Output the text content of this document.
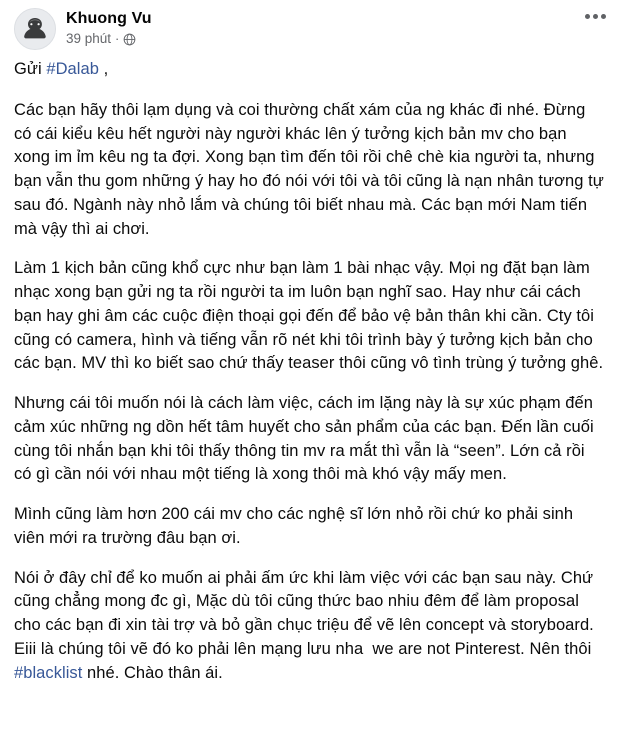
Khuong Vu
39 phút ·

Gửi #Dalab ,

Các bạn hãy thôi lạm dụng và coi thường chất xám của ng khác đi nhé. Đừng có cái kiểu kêu hết người này người khác lên ý tưởng kịch bản mv cho bạn xong im ỉm kêu ng ta đợi. Xong bạn tìm đến tôi rồi chê chè kia người ta, nhưng bạn vẫn thu gom những ý hay ho đó nói với tôi và tôi cũng là nạn nhân tương tự sau đó. Ngành này nhỏ lắm và chúng tôi biết nhau mà. Các bạn mới Nam tiến mà vậy thì ai chơi.

Làm 1 kịch bản cũng khổ cực như bạn làm 1 bài nhạc vậy. Mọi ng đặt bạn làm nhạc xong bạn gửi ng ta rồi người ta im luôn bạn nghĩ sao. Hay như cái cách bạn hay ghi âm các cuộc điện thoại gọi đến để bảo vệ bản thân khi cần. Cty tôi cũng có camera, hình và tiếng vẫn rõ nét khi tôi trình bày ý tưởng kịch bản cho các bạn. MV thì ko biết sao chứ thấy teaser thôi cũng vô tình trùng ý tưởng ghê.

Nhưng cái tôi muốn nói là cách làm việc, cách im lặng này là sự xúc phạm đến cảm xúc những ng dồn hết tâm huyết cho sản phẩm của các bạn. Đến lần cuối cùng tôi nhắn bạn khi tôi thấy thông tin mv ra mắt thì vẫn là “seen”. Lớn cả rồi có gì cần nói với nhau một tiếng là xong thôi mà khó vậy mấy men.

Mình cũng làm hơn 200 cái mv cho các nghệ sĩ lớn nhỏ rồi chứ ko phải sinh viên mới ra trường đâu bạn ơi.

Nói ở đây chỉ để ko muốn ai phải ấm ức khi làm việc với các bạn sau này. Chứ cũng chẳng mong đc gì, Mặc dù tôi cũng thức bao nhiu đêm để làm proposal cho các bạn đi xin tài trợ và bỏ gần chục triệu để vẽ lên concept và storyboard. Eiii là chúng tôi vẽ đó ko phải lên mạng lưu nha  we are not Pinterest. Nên thôi #blacklist nhé. Chào thân ái.
